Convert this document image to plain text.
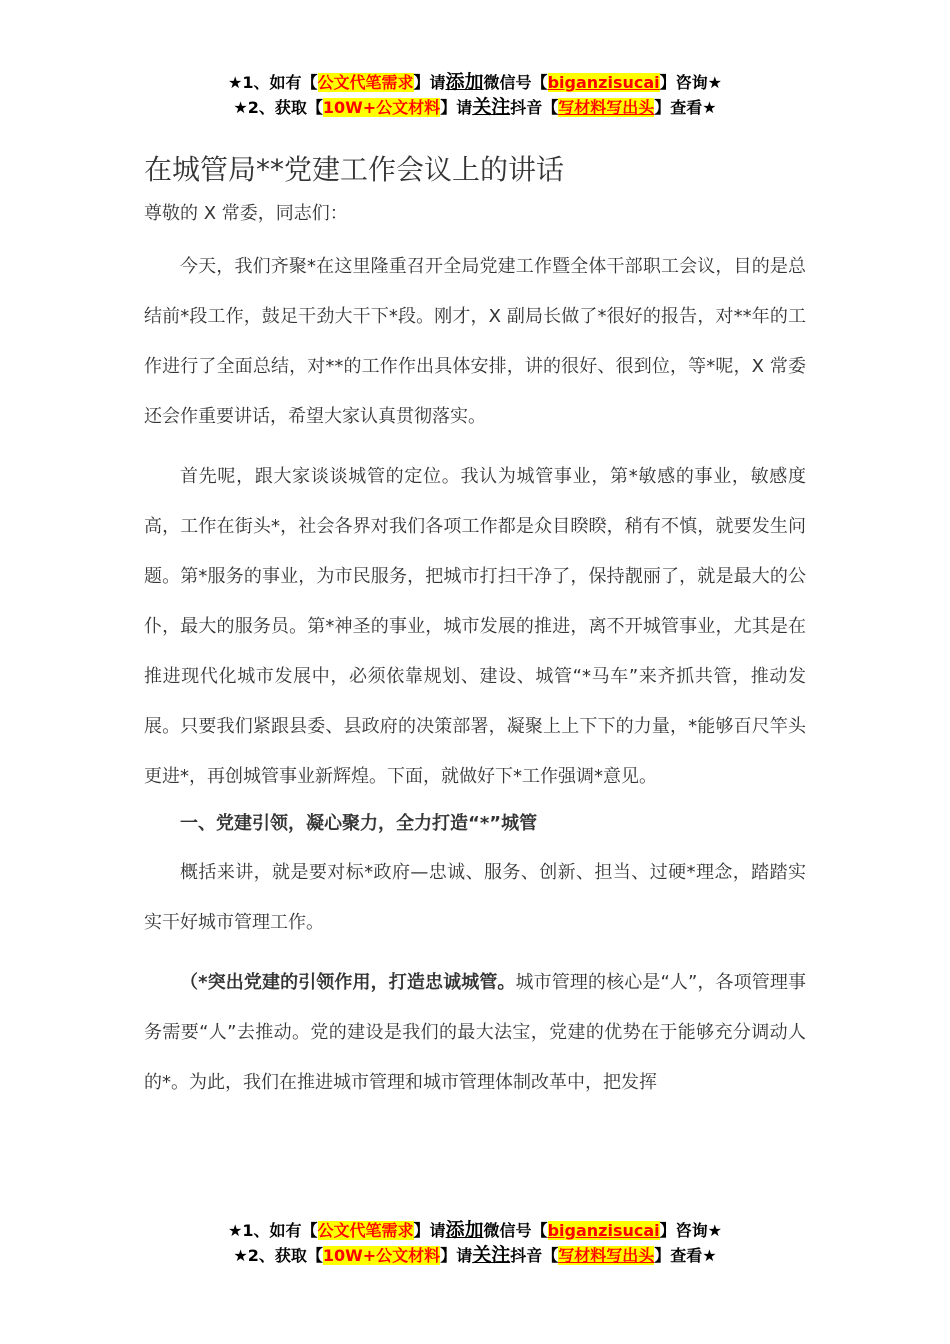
★1、如有【公文代笔需求】请添加微信号【biganzisucai】咨询★
★2、获取【10W+公文材料】请关注抖音【写材料写出头】查看★
在城管局**党建工作会议上的讲话

尊敬的 X 常委，同志们：

今天，我们齐聚*在这里隆重召开全局党建工作暨全体干部职工会议，目的是总结前*段工作，鼓足干劲大干下*段。刚才，X 副局长做了*很好的报告，对**年的工作进行了全面总结，对**的工作作出具体安排，讲的很好、很到位，等*呢，X 常委还会作重要讲话，希望大家认真贯彻落实。

首先呢，跟大家谈谈城管的定位。我认为城管事业，第*敏感的事业，敏感度高，工作在街头*，社会各界对我们各项工作都是众目睽睽，稍有不慎，就要发生问题。第*服务的事业，为市民服务，把城市打扫干净了，保持靓丽了，就是最大的公仆，最大的服务员。第*神圣的事业，城市发展的推进，离不开城管事业，尤其是在推进现代化城市发展中，必须依靠规划、建设、城管“*马车”来齐抓共管，推动发展。只要我们紧跟县委、县政府的决策部署，凝聚上上下下的力量，*能够百尺竿头更进*，再创城管事业新辉煌。下面，就做好下*工作强调*意见。

一、党建引领，凝心聚力，全力打造“*”城管

概括来讲，就是要对标*政府—忠诚、服务、创新、担当、过硬*理念，踏踏实实干好城市管理工作。

（*突出党建的引领作用，打造忠诚城管。城市管理的核心是“人”，各项管理事务需要“人”去推动。党的建设是我们的最大法宝，党建的优势在于能够充分调动人的*。为此，我们在推进城市管理和城市管理体制改革中，把发挥

★1、如有【公文代笔需求】请添加微信号【biganzisucai】咨询★
★2、获取【10W+公文材料】请关注抖音【写材料写出头】查看★
